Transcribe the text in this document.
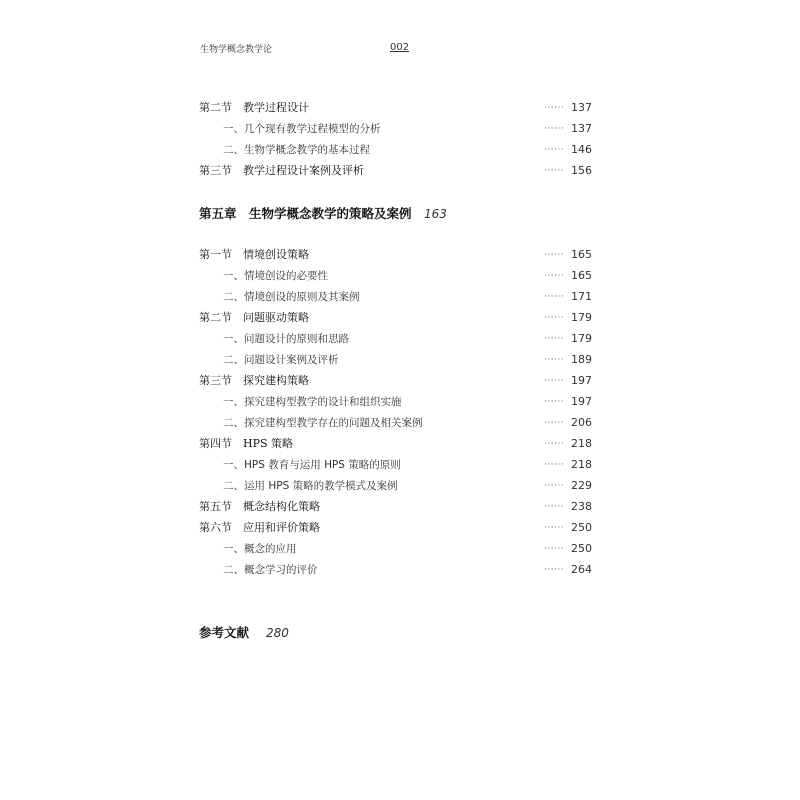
生物学概念教学论	002
第二节　教学过程设计	······ 137
一、几个现有教学过程模型的分析	······ 137
二、生物学概念教学的基本过程	······ 146
第三节　教学过程设计案例及评析	······ 156
第五章　生物学概念教学的策略及案例 163
第一节　情境创设策略	······ 165
一、情境创设的必要性	······ 165
二、情境创设的原则及其案例	······ 171
第二节　问题驱动策略	······ 179
一、问题设计的原则和思路	······ 179
二、问题设计案例及评析	······ 189
第三节　探究建构策略	······ 197
一、探究建构型教学的设计和组织实施	······ 197
二、探究建构型教学存在的问题及相关案例	······ 206
第四节　HPS 策略	······ 218
一、HPS 教育与运用 HPS 策略的原则	······ 218
二、运用 HPS 策略的教学模式及案例	······ 229
第五节　概念结构化策略	······ 238
第六节　应用和评价策略	······ 250
一、概念的应用	······ 250
二、概念学习的评价	······ 264
参考文献 280
